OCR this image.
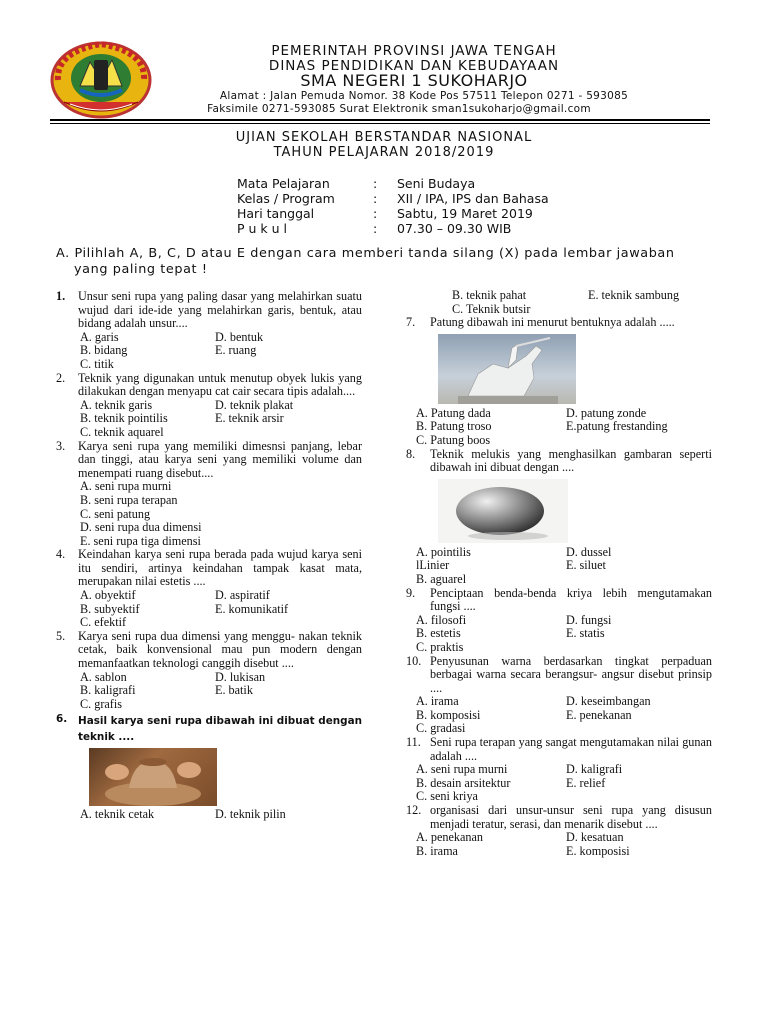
PEMERINTAH PROVINSI JAWA TENGAH
DINAS PENDIDIKAN DAN KEBUDAYAAN
SMA NEGERI 1 SUKOHARJO
Alamat : Jalan Pemuda Nomor. 38 Kode Pos 57511 Telepon 0271 - 593085
Faksimile 0271-593085 Surat Elektronik sman1sukoharjo@gmail.com
UJIAN SEKOLAH BERSTANDAR NASIONAL
TAHUN PELAJARAN 2018/2019
Mata Pelajaran	:	Seni Budaya
Kelas / Program	:	XII / IPA, IPS dan Bahasa
Hari tanggal	:	Sabtu, 19 Maret 2019
P u k u l	:	07.30 – 09.30 WIB
A. Pilihlah A, B, C, D atau E dengan cara memberi tanda silang (X) pada lembar jawaban
yang paling tepat !
1.	Unsur seni rupa yang paling dasar yang melahirkan suatu wujud dari ide-ide yang melahirkan garis, bentuk, atau bidang adalah unsur....
A. garis	D. bentuk
B. bidang	E. ruang
C. titik
2.	Teknik yang digunakan untuk menutup obyek lukis yang dilakukan dengan menyapu cat cair secara tipis adalah....
A. teknik garis	D. teknik plakat
B. teknik pointilis	E. teknik arsir
C. teknik aquarel
3.	Karya seni rupa yang memiliki dimesnsi panjang, lebar dan tinggi, atau karya seni yang memiliki volume dan menempati ruang disebut....
A. seni rupa murni
B. seni rupa terapan
C. seni patung
D. seni rupa dua dimensi
E. seni rupa tiga dimensi
4.	Keindahan karya seni rupa berada pada wujud karya seni itu sendiri, artinya keindahan tampak kasat mata, merupakan nilai estetis ....
A. obyektif	D. aspiratif
B. subyektif	E. komunikatif
C. efektif
5.	Karya seni rupa dua dimensi yang menggu- nakan teknik cetak, baik konvensional mau pun modern dengan memanfaatkan teknologi canggih disebut ....
A. sablon	D. lukisan
B. kaligrafi	E. batik
C. grafis
6.	Hasil karya seni rupa dibawah ini dibuat dengan teknik ....
A. teknik cetak	D. teknik pilin
B. teknik pahat	E. teknik sambung
C. Teknik butsir
7.	Patung dibawah ini menurut bentuknya adalah .....
A. Patung dada	D. patung zonde
B. Patung troso	E.patung frestanding
C. Patung boos
8.	Teknik melukis yang menghasilkan gambaran seperti dibawah ini dibuat dengan ....
A. pointilis	D. dussel
lLinier	E. siluet
B. aguarel
9.	Penciptaan benda-benda kriya lebih mengutamakan fungsi ....
A. filosofi	D. fungsi
B. estetis	E. statis
C. praktis
10. Penyusunan warna berdasarkan tingkat perpaduan berbagai warna secara berangsur- angsur disebut prinsip ....
A. irama	D. keseimbangan
B. komposisi	E. penekanan
C. gradasi
11. Seni rupa terapan yang sangat mengutamakan nilai gunan adalah ....
A. seni rupa murni	D. kaligrafi
B. desain arsitektur	E. relief
C. seni kriya
12. organisasi dari unsur-unsur seni rupa yang disusun menjadi teratur, serasi, dan menarik disebut ....
A. penekanan	D. kesatuan
B. irama	E. komposisi
